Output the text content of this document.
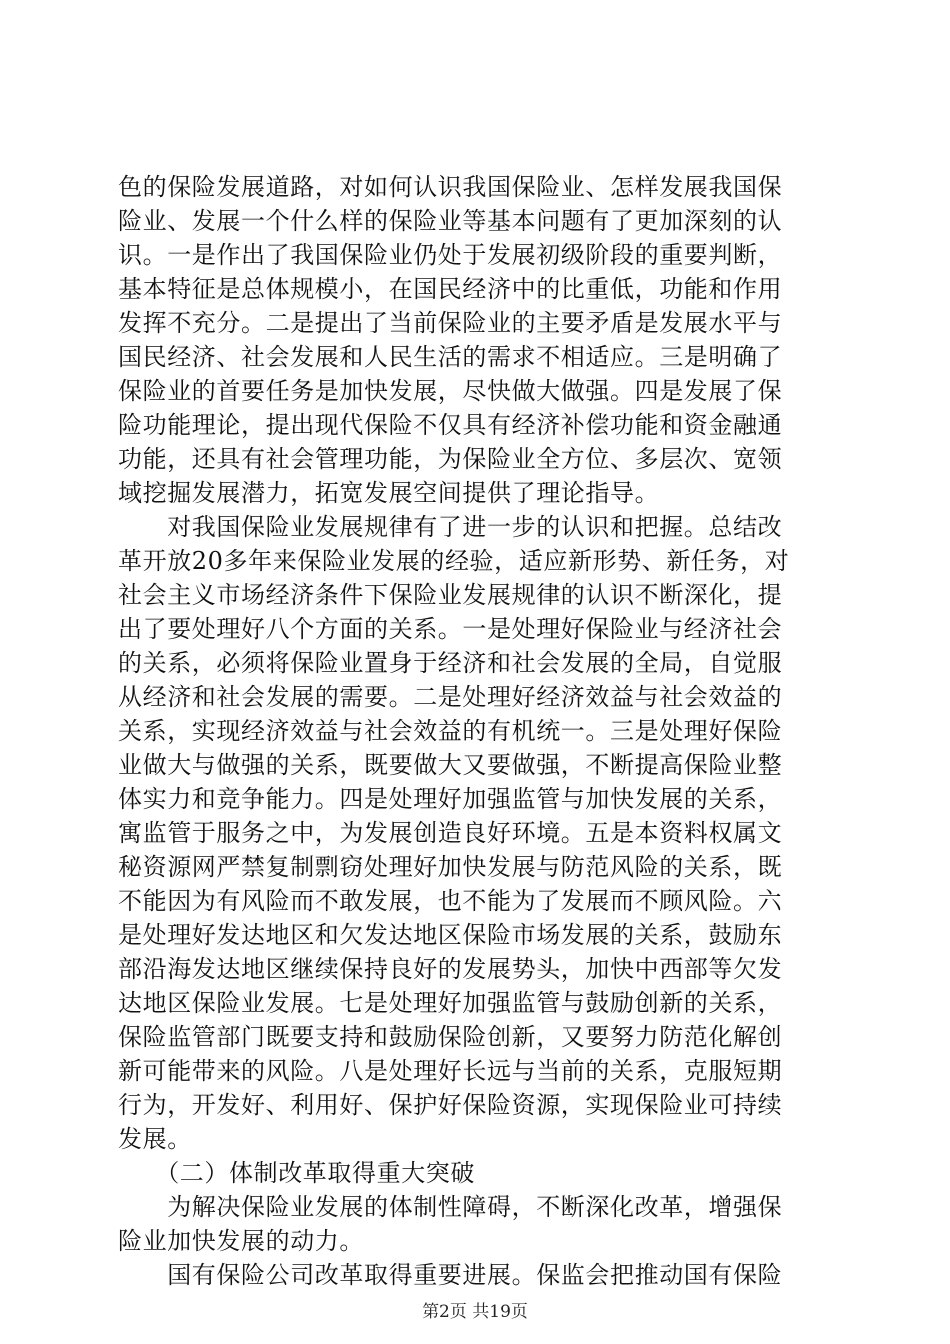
色的保险发展道路，对如何认识我国保险业、怎样发展我国保
险业、发展一个什么样的保险业等基本问题有了更加深刻的认
识。一是作出了我国保险业仍处于发展初级阶段的重要判断，
基本特征是总体规模小，在国民经济中的比重低，功能和作用
发挥不充分。二是提出了当前保险业的主要矛盾是发展水平与
国民经济、社会发展和人民生活的需求不相适应。三是明确了
保险业的首要任务是加快发展，尽快做大做强。四是发展了保
险功能理论，提出现代保险不仅具有经济补偿功能和资金融通
功能，还具有社会管理功能，为保险业全方位、多层次、宽领
域挖掘发展潜力，拓宽发展空间提供了理论指导。
　　对我国保险业发展规律有了进一步的认识和把握。总结改
革开放20多年来保险业发展的经验，适应新形势、新任务，对
社会主义市场经济条件下保险业发展规律的认识不断深化，提
出了要处理好八个方面的关系。一是处理好保险业与经济社会
的关系，必须将保险业置身于经济和社会发展的全局，自觉服
从经济和社会发展的需要。二是处理好经济效益与社会效益的
关系，实现经济效益与社会效益的有机统一。三是处理好保险
业做大与做强的关系，既要做大又要做强，不断提高保险业整
体实力和竞争能力。四是处理好加强监管与加快发展的关系，
寓监管于服务之中，为发展创造良好环境。五是本资料权属文
秘资源网严禁复制剽窃处理好加快发展与防范风险的关系，既
不能因为有风险而不敢发展，也不能为了发展而不顾风险。六
是处理好发达地区和欠发达地区保险市场发展的关系，鼓励东
部沿海发达地区继续保持良好的发展势头，加快中西部等欠发
达地区保险业发展。七是处理好加强监管与鼓励创新的关系，
保险监管部门既要支持和鼓励保险创新，又要努力防范化解创
新可能带来的风险。八是处理好长远与当前的关系，克服短期
行为，开发好、利用好、保护好保险资源，实现保险业可持续
发展。
　　（二）体制改革取得重大突破
　　为解决保险业发展的体制性障碍，不断深化改革，增强保
险业加快发展的动力。
　　国有保险公司改革取得重要进展。保监会把推动国有保险
第2页 共19页
